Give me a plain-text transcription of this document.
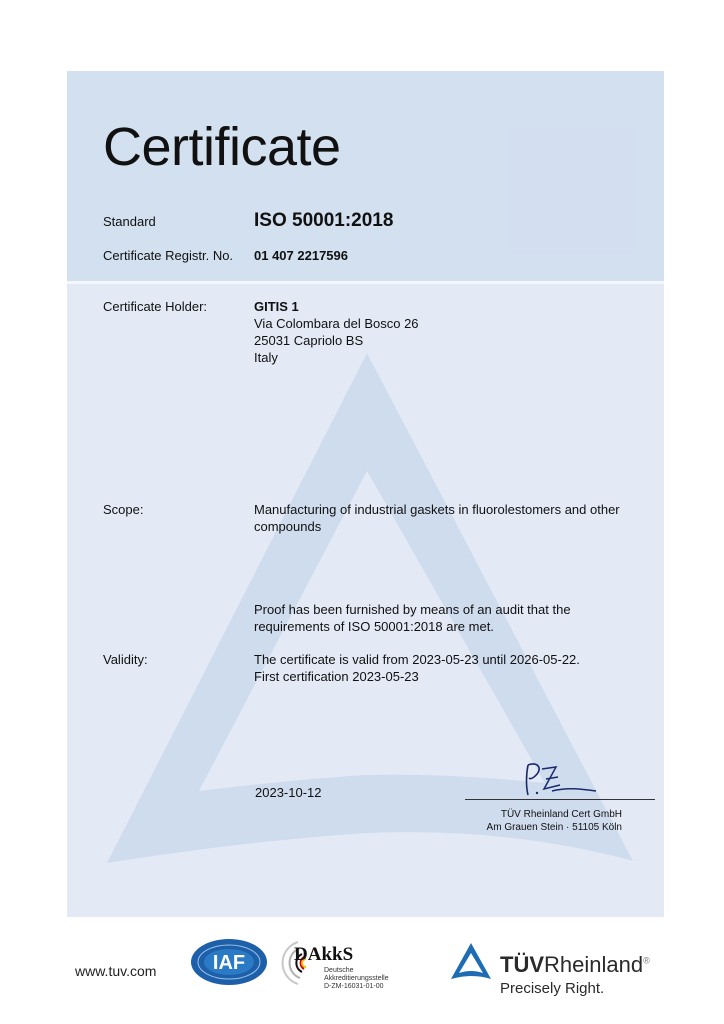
Certificate
Standard	ISO 50001:2018
Certificate Registr. No. 01 407 2217596
Certificate Holder:	GITIS 1
Via Colombara del Bosco 26
25031 Capriolo BS
Italy
Scope:	Manufacturing of industrial gaskets in fluorolestomers and other
compounds
Proof has been furnished by means of an audit that the
requirements of ISO 50001:2018 are met.
Validity:	The certificate is valid from 2023-05-23 until 2026-05-22.
First certification 2023-05-23
2023-10-12
TÜV Rheinland Cert GmbH
Am Grauen Stein · 51105 Köln
www.tuv.com	IAF	DAkkS
Deutsche
Akkreditierungsstelle
D-ZM-16031-01-00
TÜVRheinland®
Precisely Right.
